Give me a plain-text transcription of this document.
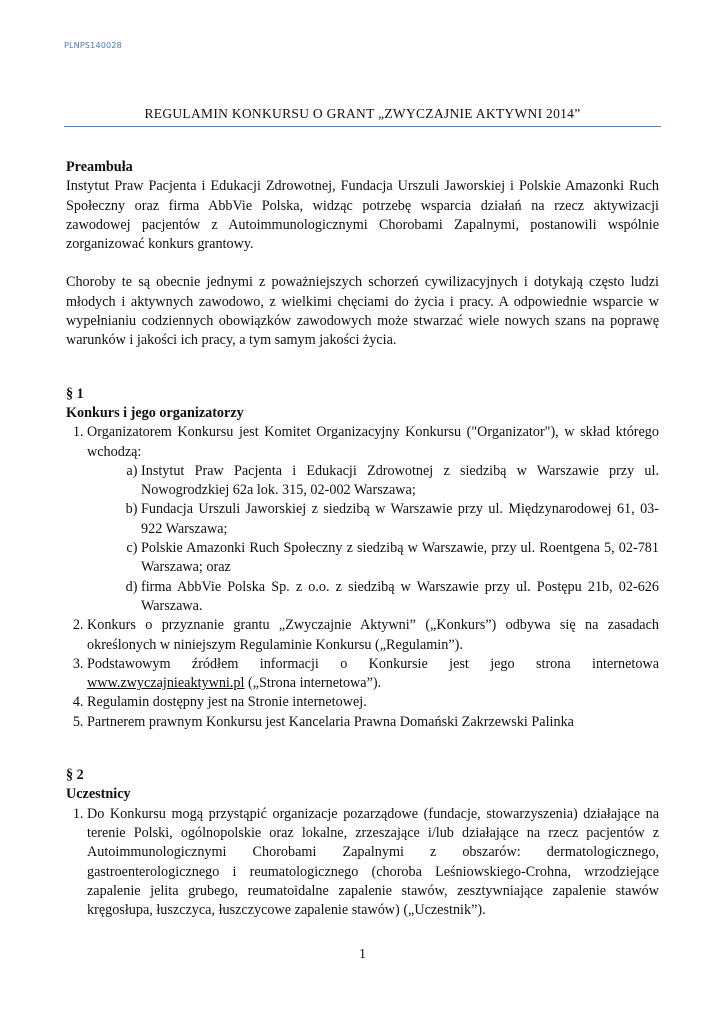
PLNPS140028
REGULAMIN KONKURSU O GRANT „ZWYCZAJNIE AKTYWNI 2014”

Preambuła

Instytut Praw Pacjenta i Edukacji Zdrowotnej, Fundacja Urszuli Jaworskiej i Polskie Amazonki Ruch Społeczny oraz firma AbbVie Polska, widząc potrzebę wsparcia działań na rzecz aktywizacji zawodowej pacjentów z Autoimmunologicznymi Chorobami Zapalnymi, postanowili wspólnie zorganizować konkurs grantowy.

Choroby te są obecnie jednymi z poważniejszych schorzeń cywilizacyjnych i dotykają często ludzi młodych i aktywnych zawodowo, z wielkimi chęciami do życia i pracy. A odpowiednie wsparcie w wypełnianiu codziennych obowiązków zawodowych może stwarzać wiele nowych szans na poprawę warunków i jakości ich pracy, a tym samym jakości życia.

§ 1

Konkurs i jego organizatorzy

1. Organizatorem Konkursu jest Komitet Organizacyjny Konkursu ("Organizator"), w skład którego wchodzą:
a. Instytut Praw Pacjenta i Edukacji Zdrowotnej z siedzibą w Warszawie przy ul. Nowogrodzkiej 62a lok. 315, 02-002 Warszawa;
b. Fundacja Urszuli Jaworskiej z siedzibą w Warszawie przy ul. Międzynarodowej 61, 03-922 Warszawa;
c. Polskie Amazonki Ruch Społeczny z siedzibą w Warszawie, przy ul. Roentgena 5, 02-781 Warszawa; oraz
d. firma AbbVie Polska Sp. z o.o. z siedzibą w Warszawie przy ul. Postępu 21b, 02-626 Warszawa.
2. Konkurs o przyznanie grantu „Zwyczajnie Aktywni” („Konkurs”) odbywa się na zasadach określonych w niniejszym Regulaminie Konkursu („Regulamin”).
3. Podstawowym źródłem informacji o Konkursie jest jego strona internetowa www.zwyczajnieaktywni.pl („Strona internetowa”).
4. Regulamin dostępny jest na Stronie internetowej.
5. Partnerem prawnym Konkursu jest Kancelaria Prawna Domański Zakrzewski Palinka

§ 2

Uczestnicy

1. Do Konkursu mogą przystąpić organizacje pozarządowe (fundacje, stowarzyszenia) działające na terenie Polski, ogólnopolskie oraz lokalne, zrzeszające i/lub działające na rzecz pacjentów z Autoimmunologicznymi Chorobami Zapalnymi z obszarów: dermatologicznego, gastroenterologicznego i reumatologicznego (choroba Leśniowskiego-Crohna, wrzodziejące zapalenie jelita grubego, reumatoidalne zapalenie stawów, zesztywniające zapalenie stawów kręgosłupa, łuszczyca, łuszczycowe zapalenie stawów) („Uczestnik”).
1
